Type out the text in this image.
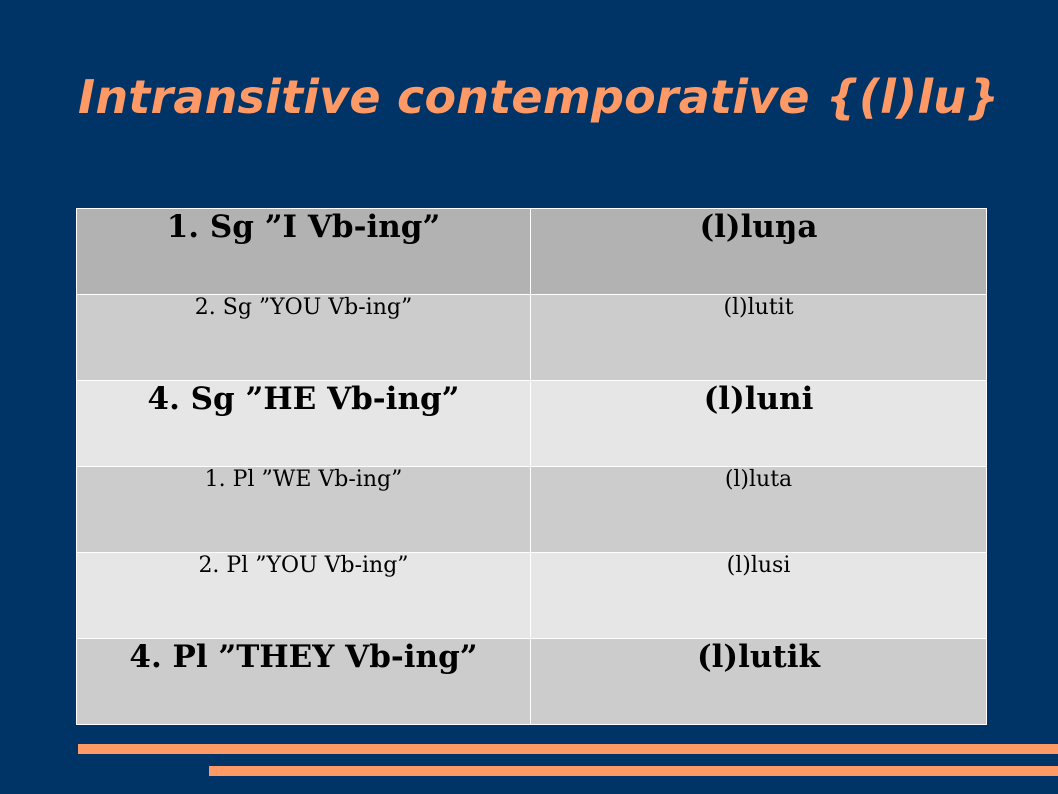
Intransitive contemporative {(l)lu}
1. Sg ”I Vb-ing”	(l)luŋa

2. Sg ”YOU Vb-ing”	(l)lutit

4. Sg ”HE Vb-ing”	(l)luni

1. Pl ”WE Vb-ing”	(l)luta

2. Pl ”YOU Vb-ing”	(l)lusi

4. Pl ”THEY Vb-ing”	(l)lutik
